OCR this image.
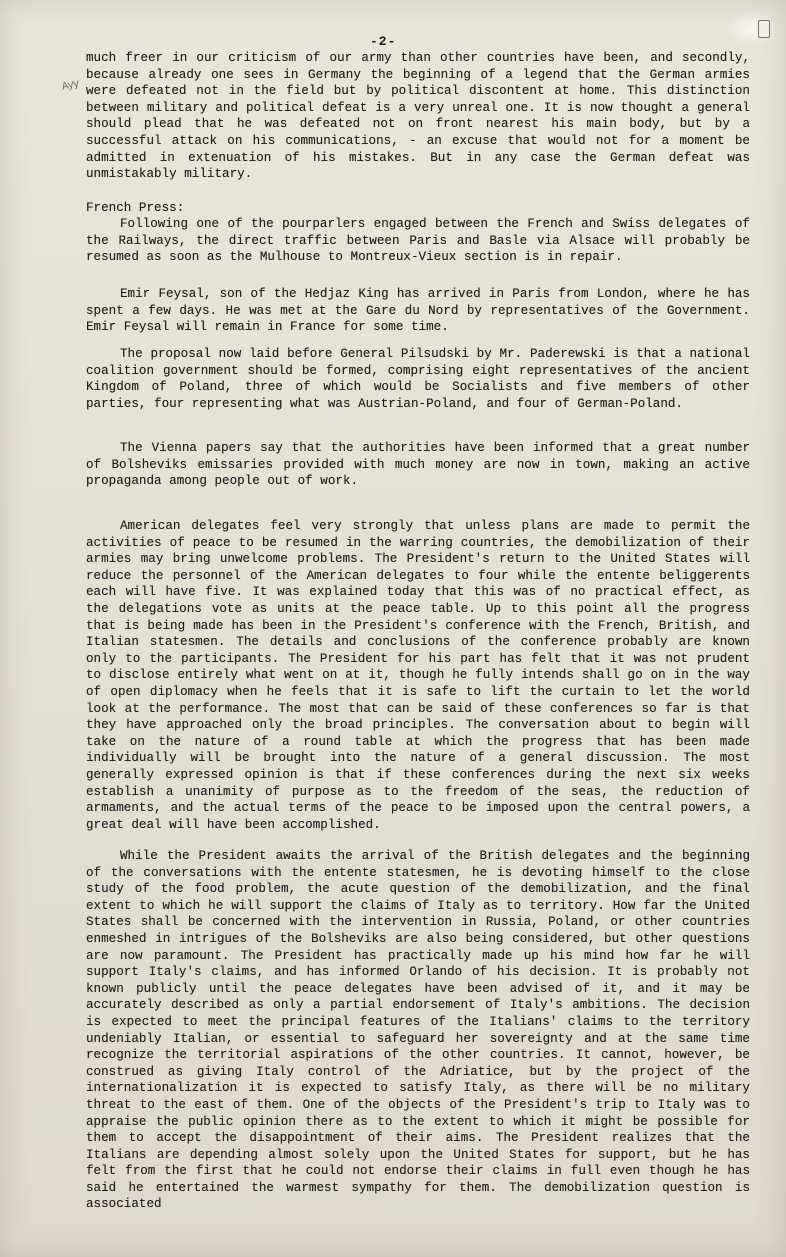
-2-
Ayy

much freer in our criticism of our army than other countries have been, and secondly, because already one sees in Germany the beginning of a legend that the German armies were defeated not in the field but by political discontent at home. This distinction between military and political defeat is a very unreal one. It is now thought a general should plead that he was defeated not on front nearest his main body, but by a successful attack on his communications, - an excuse that would not for a moment be admitted in extenuation of his mistakes. But in any case the German defeat was unmistakably military.

French Press:

Following one of the pourparlers engaged between the French and Swiss delegates of the Railways, the direct traffic between Paris and Basle via Alsace will probably be resumed as soon as the Mulhouse to Montreux-Vieux section is in repair.

Emir Feysal, son of the Hedjaz King has arrived in Paris from London, where he has spent a few days. He was met at the Gare du Nord by representatives of the Government. Emir Feysal will remain in France for some time.

The proposal now laid before General Pilsudski by Mr. Paderewski is that a national coalition government should be formed, comprising eight representatives of the ancient Kingdom of Poland, three of which would be Socialists and five members of other parties, four representing what was Austrian-Poland, and four of German-Poland.

The Vienna papers say that the authorities have been informed that a great number of Bolsheviks emissaries provided with much money are now in town, making an active propaganda among people out of work.

American delegates feel very strongly that unless plans are made to permit the activities of peace to be resumed in the warring countries, the demobilization of their armies may bring unwelcome problems. The President's return to the United States will reduce the personnel of the American delegates to four while the entente beliggerents each will have five. It was explained today that this was of no practical effect, as the delegations vote as units at the peace table. Up to this point all the progress that is being made has been in the President's conference with the French, British, and Italian statesmen. The details and conclusions of the conference probably are known only to the participants. The President for his part has felt that it was not prudent to disclose entirely what went on at it, though he fully intends shall go on in the way of open diplomacy when he feels that it is safe to lift the curtain to let the world look at the performance. The most that can be said of these conferences so far is that they have approached only the broad principles. The conversation about to begin will take on the nature of a round table at which the progress that has been made individually will be brought into the nature of a general discussion. The most generally expressed opinion is that if these conferences during the next six weeks establish a unanimity of purpose as to the freedom of the seas, the reduction of armaments, and the actual terms of the peace to be imposed upon the central powers, a great deal will have been accomplished.

While the President awaits the arrival of the British delegates and the beginning of the conversations with the entente statesmen, he is devoting himself to the close study of the food problem, the acute question of the demobilization, and the final extent to which he will support the claims of Italy as to territory. How far the United States shall be concerned with the intervention in Russia, Poland, or other countries enmeshed in intrigues of the Bolsheviks are also being considered, but other questions are now paramount. The President has practically made up his mind how far he will support Italy's claims, and has informed Orlando of his decision. It is probably not known publicly until the peace delegates have been advised of it, and it may be accurately described as only a partial endorsement of Italy's ambitions. The decision is expected to meet the principal features of the Italians' claims to the territory undeniably Italian, or essential to safeguard her sovereignty and at the same time recognize the territorial aspirations of the other countries. It cannot, however, be construed as giving Italy control of the Adriatice, but by the project of the internationalization it is expected to satisfy Italy, as there will be no military threat to the east of them. One of the objects of the President's trip to Italy was to appraise the public opinion there as to the extent to which it might be possible for them to accept the disappointment of their aims. The President realizes that the Italians are depending almost solely upon the United States for support, but he has felt from the first that he could not endorse their claims in full even though he has said he entertained the warmest sympathy for them. The demobilization question is associated
